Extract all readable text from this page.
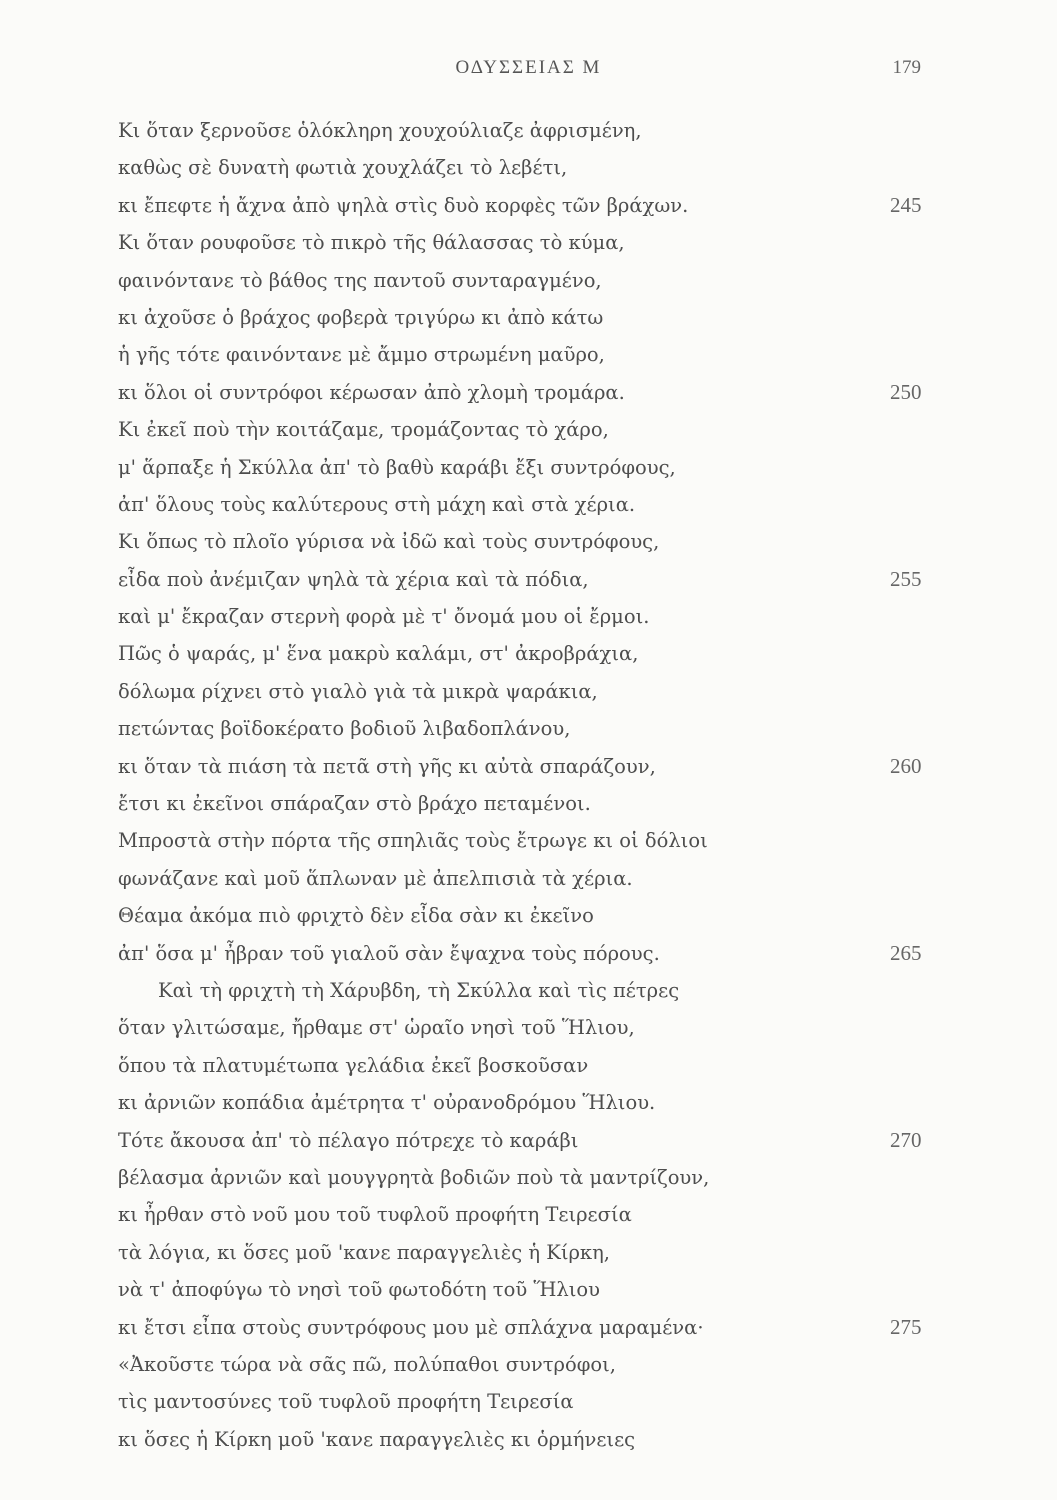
ΟΔΥΣΣΕΙΑΣ Μ	179
Κι ὅταν ξερνοῦσε ὁλόκληρη χουχούλιαζε ἀφρισμένη,
καθὼς σὲ δυνατὴ φωτιὰ χουχλάζει τὸ λεβέτι,
κι ἔπεφτε ἡ ἄχνα ἀπὸ ψηλὰ στὶς δυὸ κορφὲς τῶν βράχων.	245
Κι ὅταν ρουφοῦσε τὸ πικρὸ τῆς θάλασσας τὸ κύμα,
φαινόντανε τὸ βάθος της παντοῦ συνταραγμένο,
κι ἀχοῦσε ὁ βράχος φοβερὰ τριγύρω κι ἀπὸ κάτω
ἡ γῆς τότε φαινόντανε μὲ ἄμμο στρωμένη μαῦρο,
κι ὅλοι οἱ συντρόφοι κέρωσαν ἀπὸ χλομὴ τρομάρα.	250
Κι ἐκεῖ ποὺ τὴν κοιτάζαμε, τρομάζοντας τὸ χάρο,
μ' ἅρπαξε ἡ Σκύλλα ἀπ' τὸ βαθὺ καράβι ἔξι συντρόφους,
ἀπ' ὅλους τοὺς καλύτερους στὴ μάχη καὶ στὰ χέρια.
Κι ὅπως τὸ πλοῖο γύρισα νὰ ἰδῶ καὶ τοὺς συντρόφους,
εἶδα ποὺ ἀνέμιζαν ψηλὰ τὰ χέρια καὶ τὰ πόδια,	255
καὶ μ' ἔκραζαν στερνὴ φορὰ μὲ τ' ὄνομά μου οἱ ἔρμοι.
Πῶς ὁ ψαράς, μ' ἕνα μακρὺ καλάμι, στ' ἀκροβράχια,
δόλωμα ρίχνει στὸ γιαλὸ γιὰ τὰ μικρὰ ψαράκια,
πετώντας βοϊδοκέρατο βοδιοῦ λιβαδοπλάνου,
κι ὅταν τὰ πιάση τὰ πετᾶ στὴ γῆς κι αὐτὰ σπαράζουν,	260
ἔτσι κι ἐκεῖνοι σπάραζαν στὸ βράχο πεταμένοι.
Μπροστὰ στὴν πόρτα τῆς σπηλιᾶς τοὺς ἔτρωγε κι οἱ δόλιοι
φωνάζανε καὶ μοῦ ἅπλωναν μὲ ἀπελπισιὰ τὰ χέρια.
Θέαμα ἀκόμα πιὸ φριχτὸ δὲν εἶδα σὰν κι ἐκεῖνο
ἀπ' ὅσα μ' ἦβραν τοῦ γιαλοῦ σὰν ἔψαχνα τοὺς πόρους.	265
Καὶ τὴ φριχτὴ τὴ Χάρυβδη, τὴ Σκύλλα καὶ τὶς πέτρες
ὅταν γλιτώσαμε, ἤρθαμε στ' ὡραῖο νησὶ τοῦ Ἥλιου,
ὅπου τὰ πλατυμέτωπα γελάδια ἐκεῖ βοσκοῦσαν
κι ἀρνιῶν κοπάδια ἀμέτρητα τ' οὐρανοδρόμου Ἥλιου.
Τότε ἄκουσα ἀπ' τὸ πέλαγο πότρεχε τὸ καράβι	270
βέλασμα ἀρνιῶν καὶ μουγγρητὰ βοδιῶν ποὺ τὰ μαντρίζουν,
κι ἦρθαν στὸ νοῦ μου τοῦ τυφλοῦ προφήτη Τειρεσία
τὰ λόγια, κι ὅσες μοῦ 'κανε παραγγελιὲς ἡ Κίρκη,
νὰ τ' ἀποφύγω τὸ νησὶ τοῦ φωτοδότη τοῦ Ἥλιου
κι ἔτσι εἶπα στοὺς συντρόφους μου μὲ σπλάχνα μαραμένα·	275
«Ἀκοῦστε τώρα νὰ σᾶς πῶ, πολύπαθοι συντρόφοι,
τὶς μαντοσύνες τοῦ τυφλοῦ προφήτη Τειρεσία
κι ὅσες ἡ Κίρκη μοῦ 'κανε παραγγελιὲς κι ὁρμήνειες
